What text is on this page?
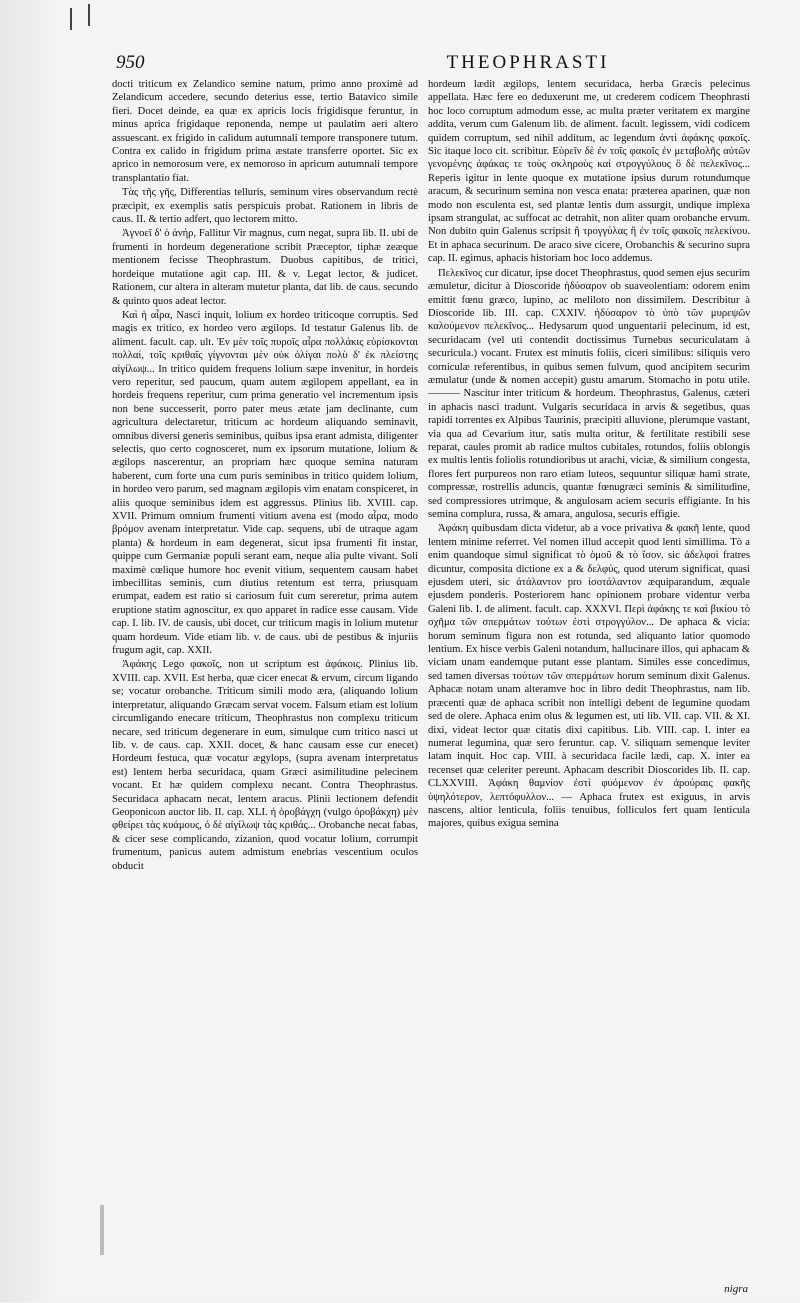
950	THEOPHRASTI

docti triticum ex Zelandico semine natum, primo anno proximè ad Zelandicum accedere, secundo deterius esse, tertio Batavico simile fieri. Docet deinde, ea quæ ex apricis locis frigidisque feruntur, in minus aprica frigidaque reponenda, nempe ut paulatim aeri altero assuescant. ex frigido in calidum autumnali tempore transponere tutum. Contra ex calido in frigidum prima æstate transferre oportet. Sic ex aprico in nemorosum vere, ex nemoroso in apricum autumnali tempore transplantatio fiat.

Τὰς τῆς γῆς, Differentias telluris, seminum vires observandum rectè præcipit, ex exemplis satis perspicuis probat. Rationem in libris de caus. II. & tertio adfert, quo lectorem mitto.

Ἀγνοεῖ δ' ὁ ἀνήρ, Fallitur Vir magnus, cum negat, supra lib. II. ubi de frumenti in hordeum degeneratione scribit Præceptor, tiphæ zeæque mentionem fecisse Theophrastum. Duobus capitibus, de tritici, hordeique mutatione agit cap. III. & v. Legat lector, & judicet. Rationem, cur altera in alteram mutetur planta, dat lib. de caus. secundo & quinto quos adeat lector.

Καὶ ἡ αἶρα, Nasci inquit, lolium ex hordeo triticoque corruptis. Sed magis ex tritico, ex hordeo vero ægilops. Id testatur Galenus lib. de aliment. facult. cap. ult. Ἐν μὲν τοῖς πυροῖς αἶρα πολλάκις εὑρίσκονται πολλαί, τοῖς κριθαῖς γίγνονται μὲν οὐκ ὀλίγαι πολὺ δ' ἐκ πλείστης αἰγίλωψ... In tritico quidem frequens lolium sæpe invenitur, in hordeis vero reperitur, sed paucum, quam autem ægilopem appellant, ea in hordeis frequens reperitur, cum prima generatio vel incrementum ipsis non bene successerit, porro pater meus ætate jam declinante, cum agricultura delectaretur, triticum ac hordeum aliquando seminavit, omnibus diversi generis seminibus, quibus ipsa erant admista, diligenter selectis, quo certo cognosceret, num ex ipsorum mutatione, lolium & ægilops nascerentur, an propriam hæc quoque semina naturam haberent, cum forte una cum puris seminibus in tritico quidem lolium, in hordeo vero parum, sed magnam ægilopis vim enatam conspiceret, in aliis quoque seminibus idem est aggressus. Plinius lib. XVIII. cap. XVII. Primum omnium frumenti vitium avena est (modo αἶρα, modo βρόμον avenam interpretatur. Vide cap. sequens, ubi de utraque agam planta) & hordeum in eam degenerat, sicut ipsa frumenti fit instar, quippe cum Germaniæ populi serant eam, neque alia pulte vivant. Soli maximè cœlique humore hoc evenit vitium, sequentem causam habet imbecillitas seminis, cum diutius retentum est terra, priusquam erumpat, eadem est ratio si cariosum fuit cum sereretur, prima autem eruptione statim agnoscitur, ex quo apparet in radice esse causam. Vide cap. I. lib. IV. de causis, ubi docet, cur triticum magis in lolium mutetur quam hordeum. Vide etiam lib. v. de caus. ubi de pestibus & injuriis frugum agit, cap. XXII.

Ἀφάκης Lego φακοῖς, non ut scriptum est ἀφάκοις. Plinius lib. XVIII. cap. XVII. Est herba, quæ cicer enecat & ervum, circum ligando se; vocatur orobanche. Triticum simili modo æra, (aliquando lolium interpretatur, aliquando Græcam servat vocem. Falsum etiam est lolium circumligando enecare triticum, Theophrastus non complexu triticum necare, sed triticum degenerare in eum, simulque cum tritico nasci ut lib. v. de caus. cap. XXII. docet, & hanc causam esse cur enecet) Hordeum festuca, quæ vocatur ægylops, (supra avenam interpretatus est) lentem herba securidaca, quam Græci asimilitudine pelecinem vocant. Et hæ quidem complexu necant. Contra Theophrastus. Securidaca aphacam necat, lentem aracus. Plinii lectionem defendit Geoponicωn auctor lib. II. cap. XLI. ἡ ὀροβάγχη (vulgo ὀροβάκχη) μὲν φθείρει τὰς κυάμους, ὁ δὲ αἰγίλωψ τὰς κριθάς... Orobanche necat fabas, & cicer sese complicando, zizanion, quod vocatur lolium, corrumpit frumentum, panicus autem admistum enebrias vescentium oculos obducit

hordeum lædit ægilops, lentem securidaca, herba Græcis pelecinus appellata. Hæc fere eo deduxerunt me, ut crederem codicem Theophrasti hoc loco corruptum admodum esse, ac multa præter veritatem ex margine addita, verum cum Galenum lib. de aliment. facult. legissem, vidi codicem quidem corruptum, sed nihil additum, ac legendum ἀντὶ ἀφάκης φακοῖς. Sic itaque loco cit. scribitur. Εὑρεῖν δὲ ἐν τοῖς φακοῖς ἐν μεταβολῆς αὐτῶν γενομένης ἀφάκας τε τοὺς σκληροὺς καὶ στρογγύλους ὃ δὲ πελεκῖνος... Reperis igitur in lente quoque ex mutatione ipsius durum rotundumque aracum, & securinum semina non vesca enata: præterea aparinen, quæ non modo non esculenta est, sed plantæ lentis dum assurgit, undique implexa ipsam strangulat, ac suffocat ac detrahit, non aliter quam orobanche ervum. Non dubito quin Galenus scripsit ἢ τρογγύλας ἢ ἐν τοῖς φακοῖς πελεκίνου. Et in aphaca securinum. De araco sive cicere, Orobanchis & securino supra cap. II. egimus, aphacis historiam hoc loco addemus.

Πελεκῖνος cur dicatur, ipse docet Theophrastus, quod semen ejus securim æmuletur, dicitur à Dioscoride ἡδύσαρον ob suaveolentiam: odorem enim emittit fœnu græco, lupino, ac meliloto non dissimilem. Describitur à Dioscoride lib. III. cap. CXXIV. ἡδύσαρον τὸ ὑπὸ τῶν μυρεψῶν καλούμενον πελεκῖνος... Hedysarum quod unguentarii pelecinum, id est, securidacam (vel uti contendit doctissimus Turnebus securiculatam à securicula.) vocant. Frutex est minutis foliis, ciceri similibus: siliquis vero corniculæ referentibus, in quibus semen fulvum, quod ancipitem securim æmulatur (unde & nomen accepit) gustu amarum. Stomacho in potu utile. ——— Nascitur inter triticum & hordeum. Theophrastus, Galenus, cæteri in aphacis nasci tradunt. Vulgaris securidaca in arvis & segetibus, quas rapidi torrentes ex Alpibus Taurinis, præcipiti alluvione, plerumque vastant, via qua ad Cevarium itur, satis multa oritur, & fertilitate restibili sese reparat, caules promit ab radice multos cubitales, rotundos, foliis oblongis ex multis lentis foliolis rotundioribus ut arachi, viciæ, & similium congesta, flores fert purpureos non raro etiam luteos, sequuntur siliquæ hami strate, compressæ, rostrellis aduncis, quantæ fœnugræci seminis & similitudine, sed compressiores utrimque, & angulosam aciem securis effigiante. In his semina complura, russa, & amara, angulosa, securis effigie.

Ἀφάκη quibusdam dicta videtur, ab a voce privativa & φακῆ lente, quod lentem minime referret. Vel nomen illud accepit quod lenti simillima. Tò a enim quandoque simul significat τὸ ὁμοῦ & τὸ ἴσον. sic ἀδελφοὶ fratres dicuntur, composita dictione ex a & δελφύς, quod uterum significat, quasi ejusdem uteri, sic ἀτάλαντον pro ἰσοτάλαντον æquiparandum, æquale ejusdem ponderis. Posteriorem hanc opinionem probare videntur verba Galeni lib. I. de aliment. facult. cap. XXXVI. Περὶ ἀφάκης τε καὶ βικίου τὸ σχῆμα τῶν σπερμάτων τούτων ἐστὶ στρογγύλον... De aphaca & vicia: horum seminum figura non est rotunda, sed aliquanto latior quomodo lentium. Ex hisce verbis Galeni notandum, hallucinare illos, qui aphacam & viciam unam eandemque putant esse plantam. Similes esse concedimus, sed tamen diversas τούτων τῶν σπερμάτων horum seminum dixit Galenus. Aphacæ notam unam alteramve hoc in libro dedit Theophrastus, nam lib. præcenti quæ de aphaca scribit non intelligi debent de legumine quodam sed de olere. Aphaca enim olus & legumen est, uti lib. VII. cap. VII. & XI. dixi, videat lector quæ citatis dixi capitibus. Lib. VIII. cap. I. inter ea numerat legumina, quæ sero feruntur. cap. V. siliquam semenque leviter latam inquit. Hoc cap. VIII. à securidaca facile lædi, cap. X. inter ea recenset quæ celeriter pereunt. Aphacam describit Dioscorides lib. II. cap. CLXXVIII. Ἀφάκη θαμνίον ἐστὶ φυόμενον ἐν ἀρούραις φακῆς ὑψηλότερον, λεπτόφυλλον... — Aphaca frutex est exiguus, in arvis nascens, altior lenticula, foliis tenuibus, folliculos fert quam lenticula majores, quibus exigua semina

nigra
